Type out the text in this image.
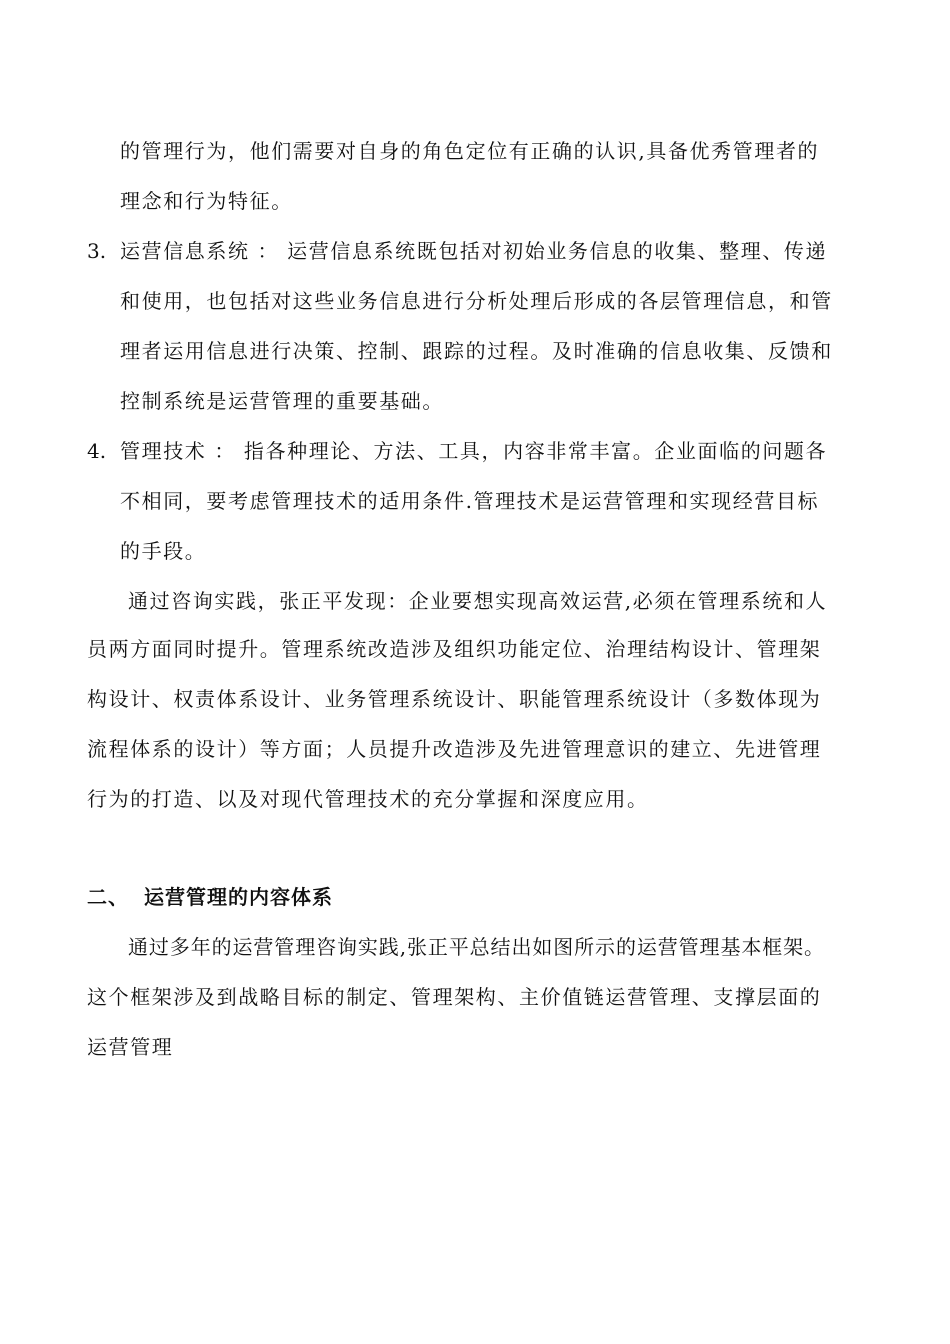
的管理行为，他们需要对自身的角色定位有正确的认识,具备优秀管理者的
理念和行为特征。
3. 运营信息系统 ： 运营信息系统既包括对初始业务信息的收集、整理、传递
和使用，也包括对这些业务信息进行分析处理后形成的各层管理信息，和管
理者运用信息进行决策、控制、跟踪的过程。及时准确的信息收集、反馈和
控制系统是运营管理的重要基础。
4. 管理技术 ： 指各种理论、方法、工具，内容非常丰富。企业面临的问题各
不相同，要考虑管理技术的适用条件.管理技术是运营管理和实现经营目标
的手段。
通过咨询实践，张正平发现：企业要想实现高效运营,必须在管理系统和人
员两方面同时提升。管理系统改造涉及组织功能定位、治理结构设计、管理架
构设计、权责体系设计、业务管理系统设计、职能管理系统设计（多数体现为
流程体系的设计）等方面；人员提升改造涉及先进管理意识的建立、先进管理
行为的打造、以及对现代管理技术的充分掌握和深度应用。
二、 运营管理的内容体系
通过多年的运营管理咨询实践,张正平总结出如图所示的运营管理基本框架。
这个框架涉及到战略目标的制定、管理架构、主价值链运营管理、支撑层面的
运营管理
